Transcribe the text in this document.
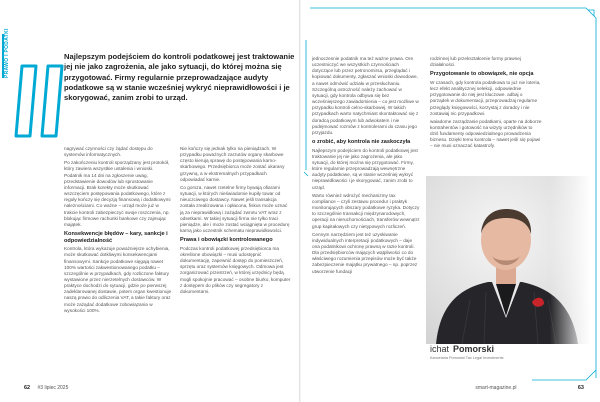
PRAWO I PODATKI	Najlepszym podejściem do kontroli podatkowej jest traktowanie jej nie jako zagrożenia, ale jako sytuacji, do której można się przygotować. Firmy regularnie przeprowadzające audyty podatkowe są w stanie wcześniej wykryć nieprawidłowości i je skorygować, zanim zrobi to urząd.

nagrywać czynności czy żądać dostępu do systemów informatycznych.

Po zakończeniu kontroli sporządzany jest protokół, który zawiera wszystkie ustalenia i wnioski. Podatnik ma 14 dni na zgłoszenie uwag, przedstawienie dowodów lub sprostowanie informacji. Brak korekty może skutkować wszczęciem postępowania podatkowego, które z reguły kończy się decyzją finansową i dodatkowymi należnościami. Co ważne – urząd może już w trakcie kontroli zabezpieczyć swoje roszczenia, np. blokując firmowe rachunki bankowe czy zajmując majątek.

Konsekwencje błędów – kary, sankcje i odpowiedzialność

Kontrola, która wykazuje poważniejsze uchybienia, może skutkować dotkliwymi konsekwencjami finansowymi. Sankcje podatkowe sięgają nawet 100% wartości zakwestionowanego podatku – szczególnie w przypadkach, gdy rozliczone faktury wystawione przez nierzetelnych dostawców. W praktyce dochodzi do sytuacji, gdzie po pierwszej zadeklarowanej dostawie, potem organ kwestionuje naszą prawo do odliczenia VAT, a takie faktury oraz może zażądać dodatkowe zobowiązania w wysokości 100%.

Nie kończy się jednak tylko na pieniądzach. W przypadku poważnych zarzutów organy skarbowe często kierują sprawę do postępowania karno-skarbowego. Przedsiębiorca może zostać ukarany grzywną, a w ekstremalnych przypadkach odpowiadać karnie.

Co gorsza, nawet rzetelne firmy bywają ofiarami sytuacji, w których nieświadomie kupiły towar od nieuczciwego dostawcy. Nawet jeśli transakcja została zrealizowana i opłacona, fiskus może uznać ją za nieprawidłową i zażądać zwrotu VAT wraz z odsetkami. W takiej sytuacji firma nie tylko traci pieniądze, ale i może zostać wciągnięta w procedurę karną jako uczestnik schematu nieprawidłowości.

Prawa i obowiązki kontrolowanego

Podczas kontroli podatkowej przedsiębiorca ma określone obowiązki – musi udostępnić dokumentację, zapewnić dostęp do pomieszczeń, sprzętu oraz systemów księgowych. Odmowa jest zorganizować przestrzeń, w której urzędnicy będą mogli spokojnie pracować – osobne biurko, komputer z dostępem do plików czy segregatory z dokumentami.

jednoczesnie podatnik ma też ważne prawa. Ore uczestniczyć we wszystkich czynnościach dotyczące lub przez petronomirsa, przeglądać i kopiować dokumenty, zgłaszać wnioski dowodowe, a nawet odmówić udziału w przesłuchaniu. Szczególną ostrożność należy zachować w sytuacji, gdy kontrola odbywa się bez wcześniejszego zawiadomienia – co jest możliwe w przypadku kontroli celno-skarbowej. W takich przypadkach warto natychmiast skontaktować się z doradcą podatkowym lub adwokatem i nie podejmować rozmów z kontrolerami do czasu jego przyjazdu.

o zrobić, aby kontrola nie zaskoczyła

Najlepszym podejściem do kontroli podatkowej jest traktowanie jej nie jako zagrożenia, ale jako sytuacji, do której można się przygotować. Firmy, które regularnie przeprowadzają wewnętrzne audyty podatkowe, są w stanie wcześniej wykryć nieprawidłowości i je skorygować, zanim zrobi to urząd.

Warto również wdrożyć mechanizmy tax compliance – czyli zestawu procedur i praktyk monitorujących obszary podatkowe ryzyka. Dotyczy to szczególnie transakcji międzynarodowych, operacji na nieruchomościach, transferów wewnątrz grup kapitałowych czy nietypowych rozliczeń.

Cennym narzędziem jest też uzyskiwanie indywidualnych interpretacji podatkowych – daje ona podatnikowi ochronę prawną w razie kontroli. Dla przedsiębiorców mających wątpliwości co do właściwego rozumienia przepisów może być także zabezpieczenie majątku prywatnego – np. poprzez utworzenie fundacji

rodzinnej lub przekształcenie formy prawnej działalności.

Przygotowanie to obowiązek, nie opcja

W czasach, gdy kontrola podatkowa to już nie loteria, lecz efekt analitycznej selekcji, odpowiednie przygotowanie do niej jest kluczowe. adbaj o porządek w dokumentacji, przeprowadzaj regularne przeglądy księgowości, korzystaj z doradcy i nie zostawiaj nic przypadkowi.

waiadome zarządzanie podatkami, oparte na doborze kontrahentów i gotowość na wizyty urzędników to dziś fundamenty odpowiedzialnego prowadzenia biznesu. Dzięki temu kontrola – nawet jeśli się pojawi – nie musi oznaczać katastrofy.

ichat Pomorski
Kancelaria Pomorski Tax Legal Investments
62 #3 lipiec 2025	smart-magazine.pl	63
